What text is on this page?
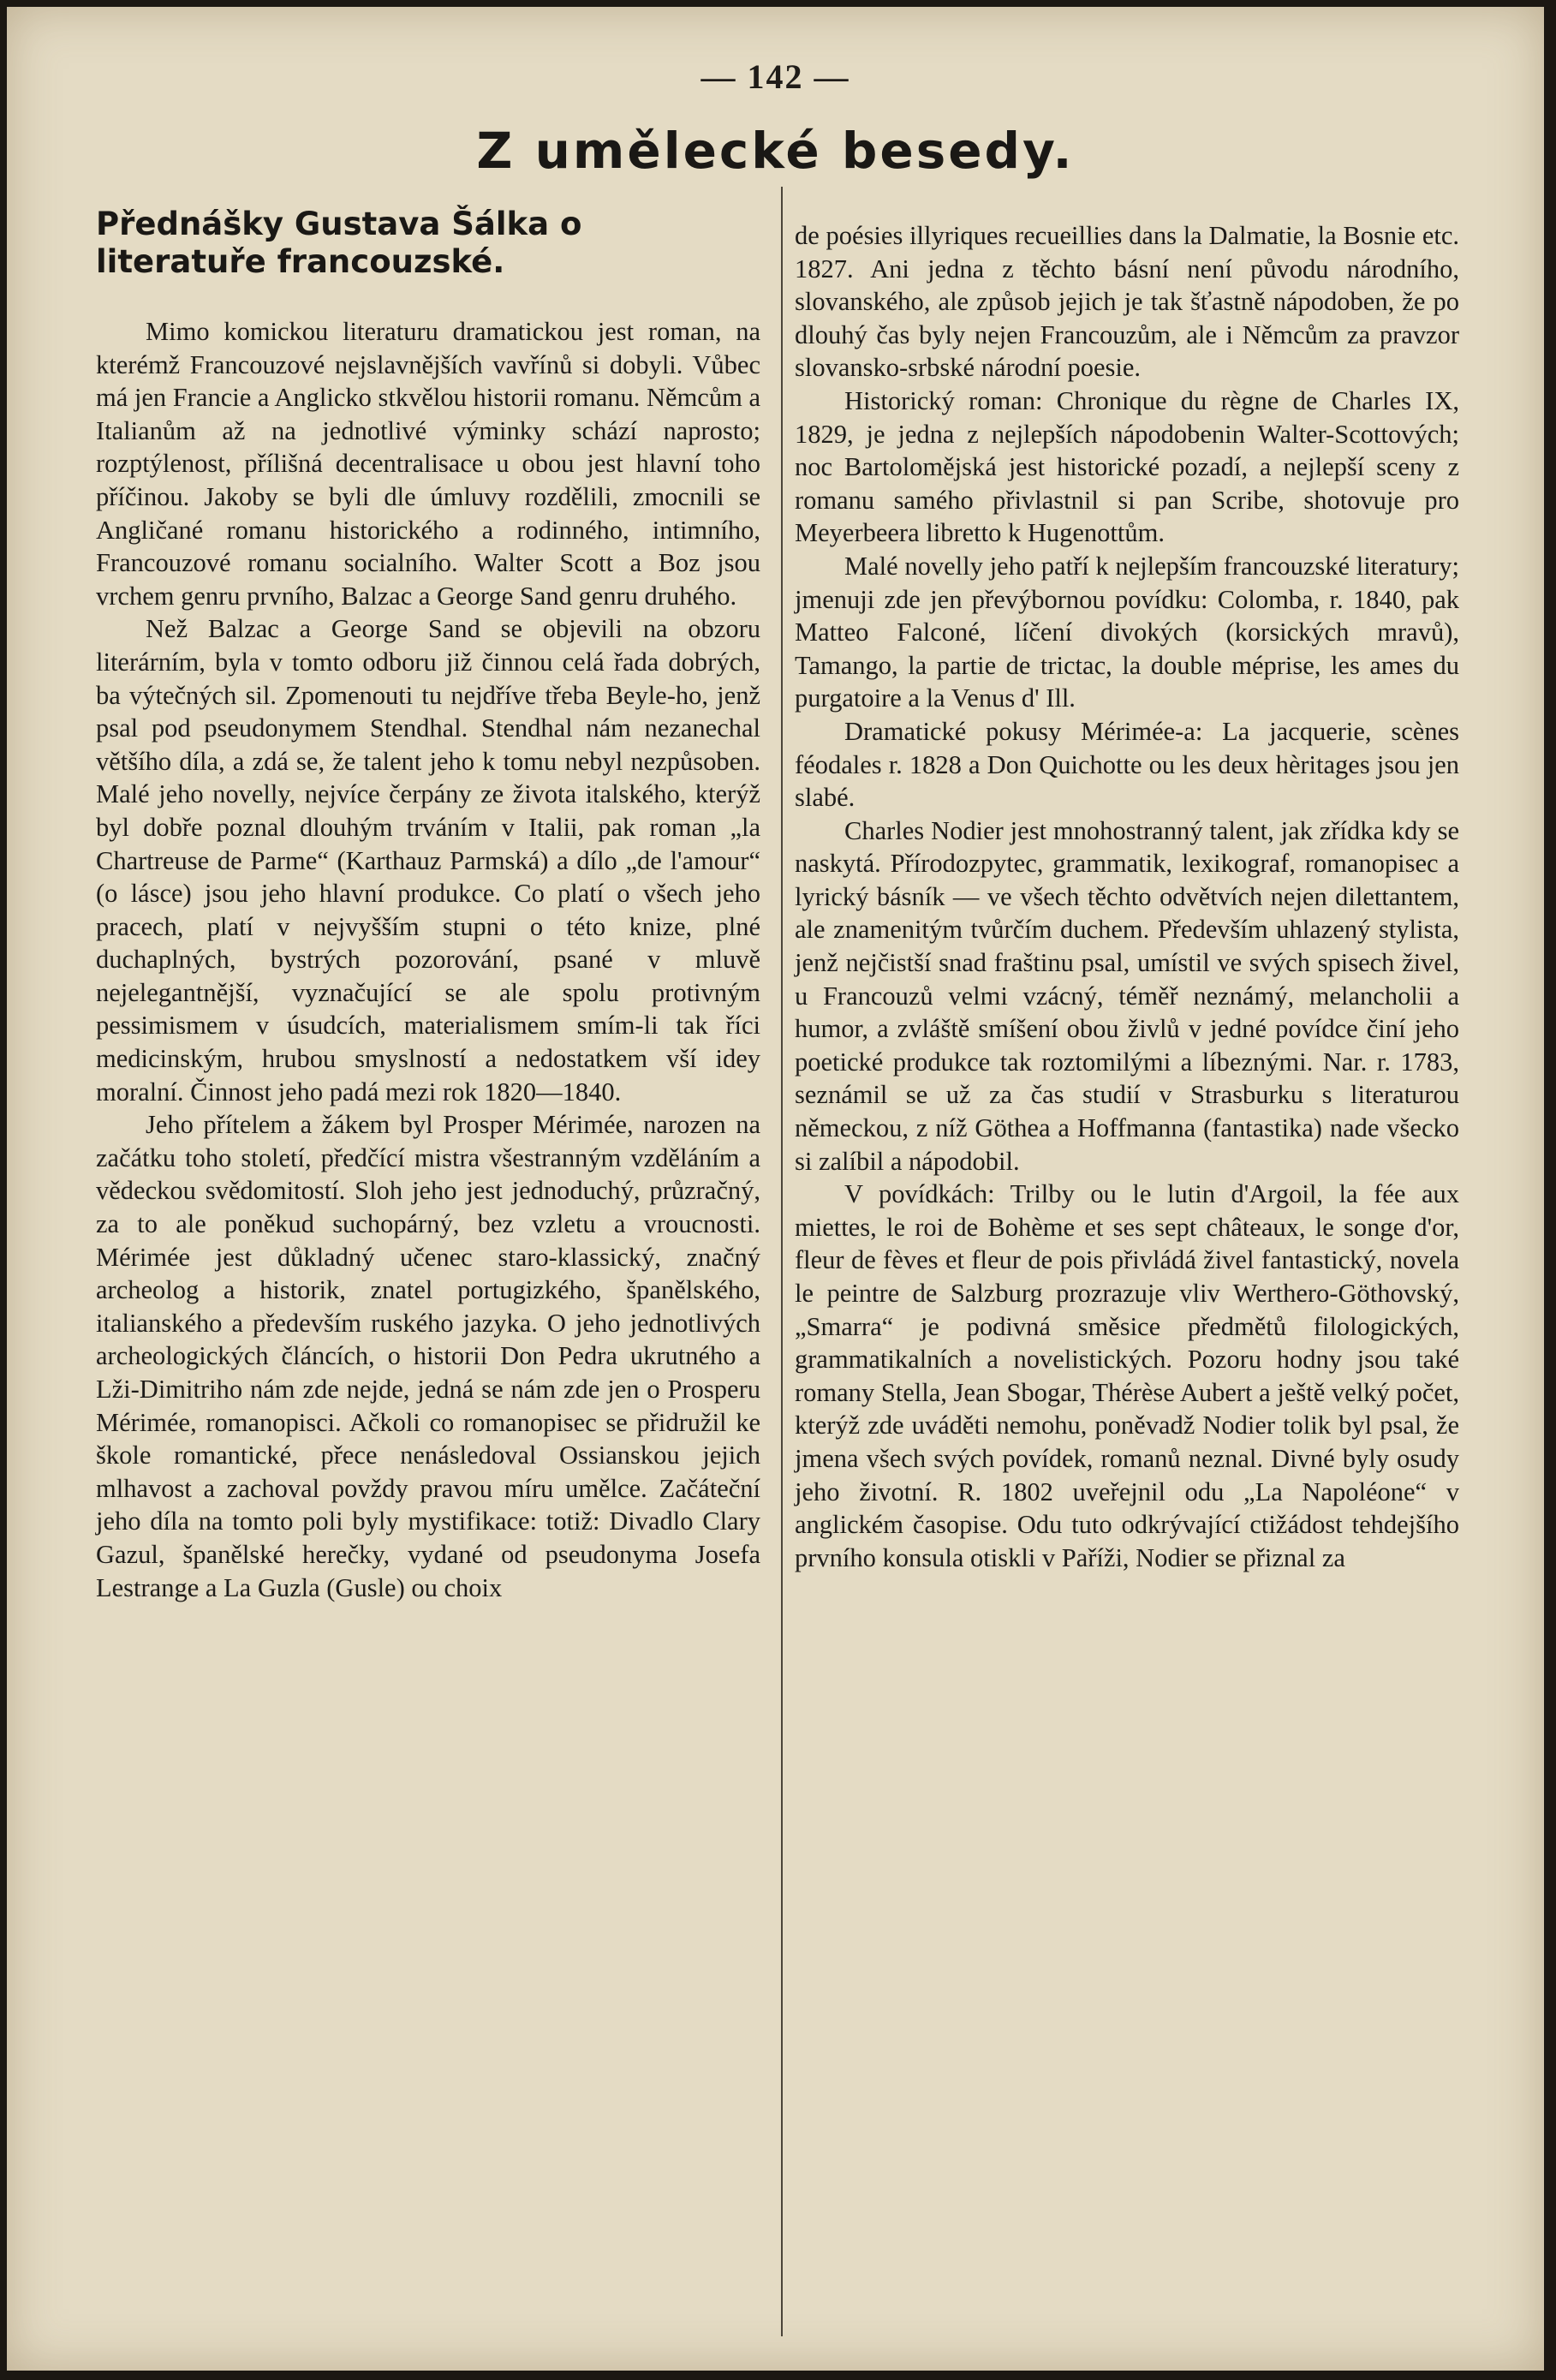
— 142 —
Z umělecké besedy.
Přednášky Gustava Šálka o literatuře francouzské.

Mimo komickou literaturu dramatickou jest roman, na kterémž Francouzové nejslavnějších vavřínů si dobyli. Vůbec má jen Francie a Anglicko stkvělou historii romanu. Němcům a Italianům až na jednotlivé výminky schází naprosto; rozptýlenost, přílišná decentralisace u obou jest hlavní toho příčinou. Jakoby se byli dle úmluvy rozdělili, zmocnili se Angličané romanu historického a rodinného, intimního, Francouzové romanu socialního. Walter Scott a Boz jsou vrchem genru prvního, Balzac a George Sand genru druhého.

Než Balzac a George Sand se objevili na obzoru literárním, byla v tomto odboru již činnou celá řada dobrých, ba výtečných sil. Zpomenouti tu nejdříve třeba Beyle-ho, jenž psal pod pseudonymem Stendhal. Stendhal nám nezanechal většího díla, a zdá se, že talent jeho k tomu nebyl nezpůsoben. Malé jeho novelly, nejvíce čerpány ze života italského, kterýž byl dobře poznal dlouhým trváním v Italii, pak roman „la Chartreuse de Parme“ (Karthauz Parmská) a dílo „de l'amour“ (o lásce) jsou jeho hlavní produkce. Co platí o všech jeho pracech, platí v nejvyšším stupni o této knize, plné duchaplných, bystrých pozorování, psané v mluvě nejelegantnější, vyznačující se ale spolu protivným pessimismem v úsudcích, materialismem smím-li tak říci medicinským, hrubou smyslností a nedostatkem vší idey moralní. Činnost jeho padá mezi rok 1820—1840.

Jeho přítelem a žákem byl Prosper Mérimée, narozen na začátku toho století, předčící mistra všestranným vzděláním a vědeckou svědomitostí. Sloh jeho jest jednoduchý, průzračný, za to ale poněkud suchopárný, bez vzletu a vroucnosti. Mérimée jest důkladný učenec staro-klassický, značný archeolog a historik, znatel portugizkého, španělského, italianského a především ruského jazyka. O jeho jednotlivých archeologických článcích, o historii Don Pedra ukrutného a Lži-Dimitriho nám zde nejde, jedná se nám zde jen o Prosperu Mérimée, romanopisci. Ačkoli co romanopisec se přidružil ke škole romantické, přece nenásledoval Ossianskou jejich mlhavost a zachoval povždy pravou míru umělce. Začáteční jeho díla na tomto poli byly mystifikace: totiž: Divadlo Clary Gazul, španělské herečky, vydané od pseudonyma Josefa Lestrange a La Guzla (Gusle) ou choix

de poésies illyriques recueillies dans la Dalmatie, la Bosnie etc. 1827. Ani jedna z těchto básní není původu národního, slovanského, ale způsob jejich je tak šťastně nápodoben, že po dlouhý čas byly nejen Francouzům, ale i Němcům za pravzor slovansko-srbské národní poesie.

Historický roman: Chronique du règne de Charles IX, 1829, je jedna z nejlepších nápodobenin Walter-Scottových; noc Bartolomějská jest historické pozadí, a nejlepší sceny z romanu samého přivlastnil si pan Scribe, shotovuje pro Meyerbeera libretto k Hugenottům.

Malé novelly jeho patří k nejlepším francouzské literatury; jmenuji zde jen převýbornou povídku: Colomba, r. 1840, pak Matteo Falconé, líčení divokých (korsických mravů), Tamango, la partie de trictac, la double méprise, les ames du purgatoire a la Venus d' Ill.

Dramatické pokusy Mérimée-a: La jacquerie, scènes féodales r. 1828 a Don Quichotte ou les deux hèritages jsou jen slabé.

Charles Nodier jest mnohostranný talent, jak zřídka kdy se naskytá. Přírodozpytec, grammatik, lexikograf, romanopisec a lyrický básník — ve všech těchto odvětvích nejen dilettantem, ale znamenitým tvůrčím duchem. Především uhlazený stylista, jenž nejčistší snad fraštinu psal, umístil ve svých spisech živel, u Francouzů velmi vzácný, téměř neznámý, melancholii a humor, a zvláště smíšení obou živlů v jedné povídce činí jeho poetické produkce tak roztomilými a líbeznými. Nar. r. 1783, seznámil se už za čas studií v Strasburku s literaturou německou, z níž Göthea a Hoffmanna (fantastika) nade všecko si zalíbil a nápodobil.

V povídkách: Trilby ou le lutin d'Argoil, la fée aux miettes, le roi de Bohème et ses sept châteaux, le songe d'or, fleur de fèves et fleur de pois přivládá živel fantastický, novela le peintre de Salzburg prozrazuje vliv Werthero-Göthovský, „Smarra“ je podivná směsice předmětů filologických, grammatikalních a novelistických. Pozoru hodny jsou také romany Stella, Jean Sbogar, Thérèse Aubert a ještě velký počet, kterýž zde uváděti nemohu, poněvadž Nodier tolik byl psal, že jmena všech svých povídek, romanů neznal. Divné byly osudy jeho životní. R. 1802 uveřejnil odu „La Napoléone“ v anglickém časopise. Odu tuto odkrývající ctižádost tehdejšího prvního konsula otiskli v Paříži, Nodier se přiznal za
